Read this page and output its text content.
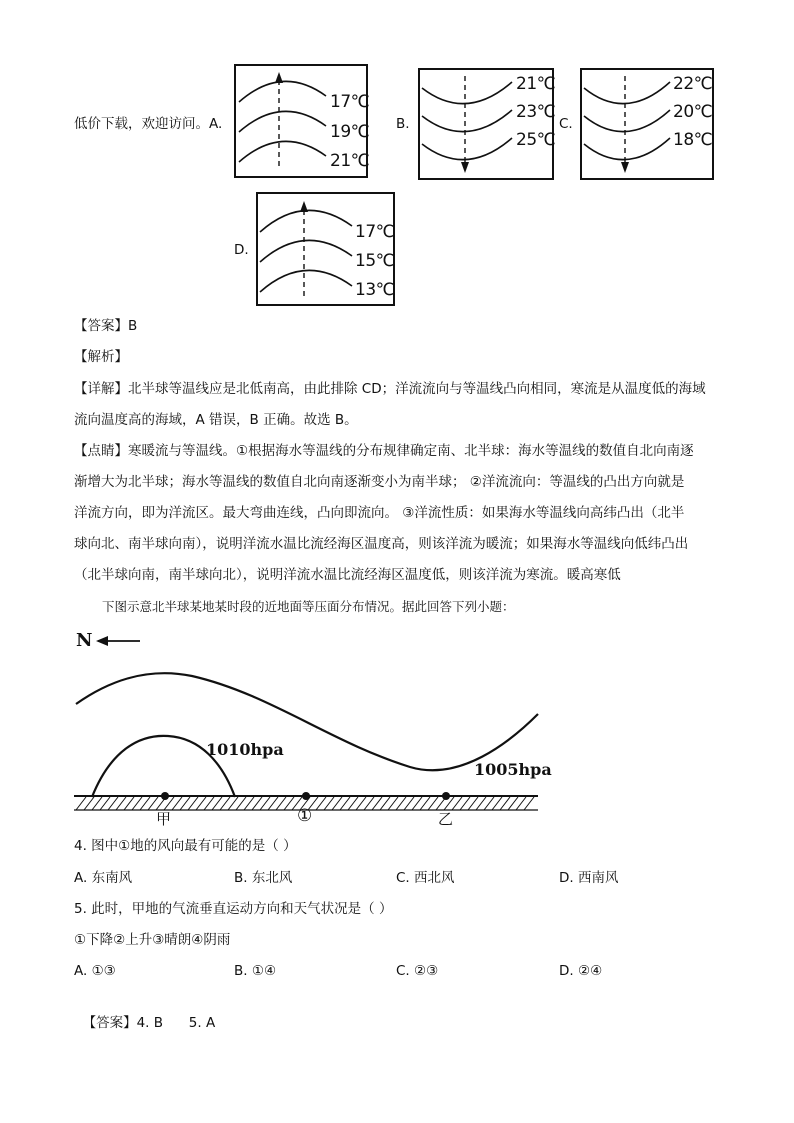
低价下载，欢迎访问。A.
17℃
19℃
21℃
B.
21℃
23℃
25℃
C.
22℃
20℃
18℃
D.
17℃
15℃
13℃
【答案】B
【解析】
【详解】北半球等温线应是北低南高，由此排除 CD；洋流流向与等温线凸向相同，寒流是从温度低的海域
流向温度高的海域，A 错误，B 正确。故选 B。
【点睛】寒暖流与等温线。①根据海水等温线的分布规律确定南、北半球：海水等温线的数值自北向南逐
渐增大为北半球；海水等温线的数值自北向南逐渐变小为南半球； ②洋流流向：等温线的凸出方向就是
洋流方向，即为洋流区。最大弯曲连线，凸向即流向。 ③洋流性质：如果海水等温线向高纬凸出（北半
球向北、南半球向南），说明洋流水温比流经海区温度高，则该洋流为暖流；如果海水等温线向低纬凸出
（北半球向南，南半球向北），说明洋流水温比流经海区温度低，则该洋流为寒流。暖高寒低
下图示意北半球某地某时段的近地面等压面分布情况。据此回答下列小题：
N
1010hpa
1005hpa
甲	①	乙
4. 图中①地的风向最有可能的是（ ）
A. 东南风	B. 东北风	C. 西北风	D. 西南风
5. 此时，甲地的气流垂直运动方向和天气状况是（ ）
①下降②上升③晴朗④阴雨
A. ①③	B. ①④	C. ②③	D. ②④

【答案】4. B      5. A
